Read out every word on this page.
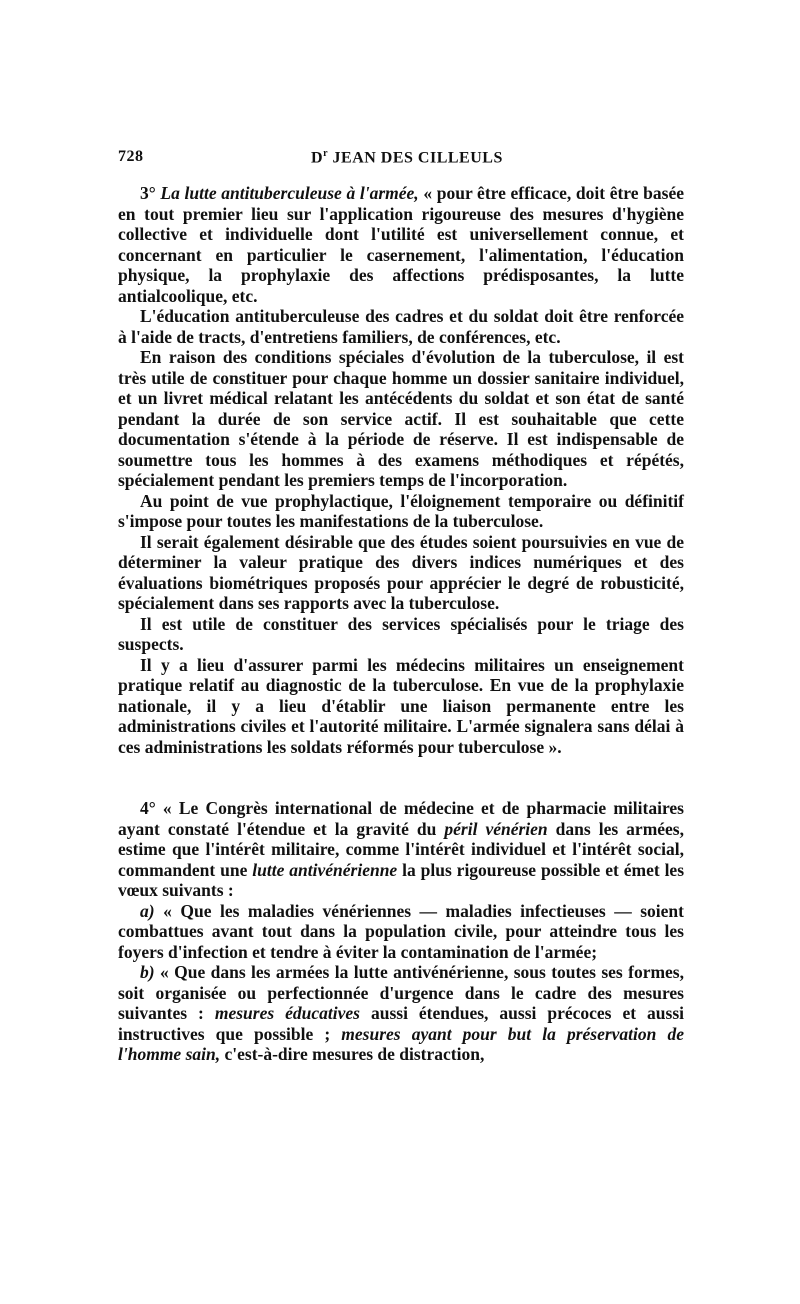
728	$D^r$ JEAN DES CILLEULS

3° La lutte antituberculeuse à l'armée, « pour être efficace, doit être basée en tout premier lieu sur l'application rigoureuse des mesures d'hygiène collective et individuelle dont l'utilité est universellement connue, et concernant en particulier le casernement, l'alimentation, l'éducation physique, la prophylaxie des affections prédisposantes, la lutte antialcoolique, etc.

L'éducation antituberculeuse des cadres et du soldat doit être renforcée à l'aide de tracts, d'entretiens familiers, de conférences, etc.

En raison des conditions spéciales d'évolution de la tuberculose, il est très utile de constituer pour chaque homme un dossier sanitaire individuel, et un livret médical relatant les antécédents du soldat et son état de santé pendant la durée de son service actif. Il est souhaitable que cette documentation s'étende à la période de réserve. Il est indispensable de soumettre tous les hommes à des examens méthodiques et répétés, spécialement pendant les premiers temps de l'incorporation.

Au point de vue prophylactique, l'éloignement temporaire ou définitif s'impose pour toutes les manifestations de la tuberculose.

Il serait également désirable que des études soient poursuivies en vue de déterminer la valeur pratique des divers indices numériques et des évaluations biométriques proposés pour apprécier le degré de robusticité, spécialement dans ses rapports avec la tuberculose.

Il est utile de constituer des services spécialisés pour le triage des suspects.

Il y a lieu d'assurer parmi les médecins militaires un enseignement pratique relatif au diagnostic de la tuberculose. En vue de la prophylaxie nationale, il y a lieu d'établir une liaison permanente entre les administrations civiles et l'autorité militaire. L'armée signalera sans délai à ces administrations les soldats réformés pour tuberculose ».

4° « Le Congrès international de médecine et de pharmacie militaires ayant constaté l'étendue et la gravité du péril vénérien dans les armées, estime que l'intérêt militaire, comme l'intérêt individuel et l'intérêt social, commandent une lutte antivénérienne la plus rigoureuse possible et émet les vœux suivants :

a) « Que les maladies vénériennes — maladies infectieuses — soient combattues avant tout dans la population civile, pour atteindre tous les foyers d'infection et tendre à éviter la contamination de l'armée;

b) « Que dans les armées la lutte antivénérienne, sous toutes ses formes, soit organisée ou perfectionnée d'urgence dans le cadre des mesures suivantes : mesures éducatives aussi étendues, aussi précoces et aussi instructives que possible ; mesures ayant pour but la préservation de l'homme sain, c'est-à-dire mesures de distraction,
